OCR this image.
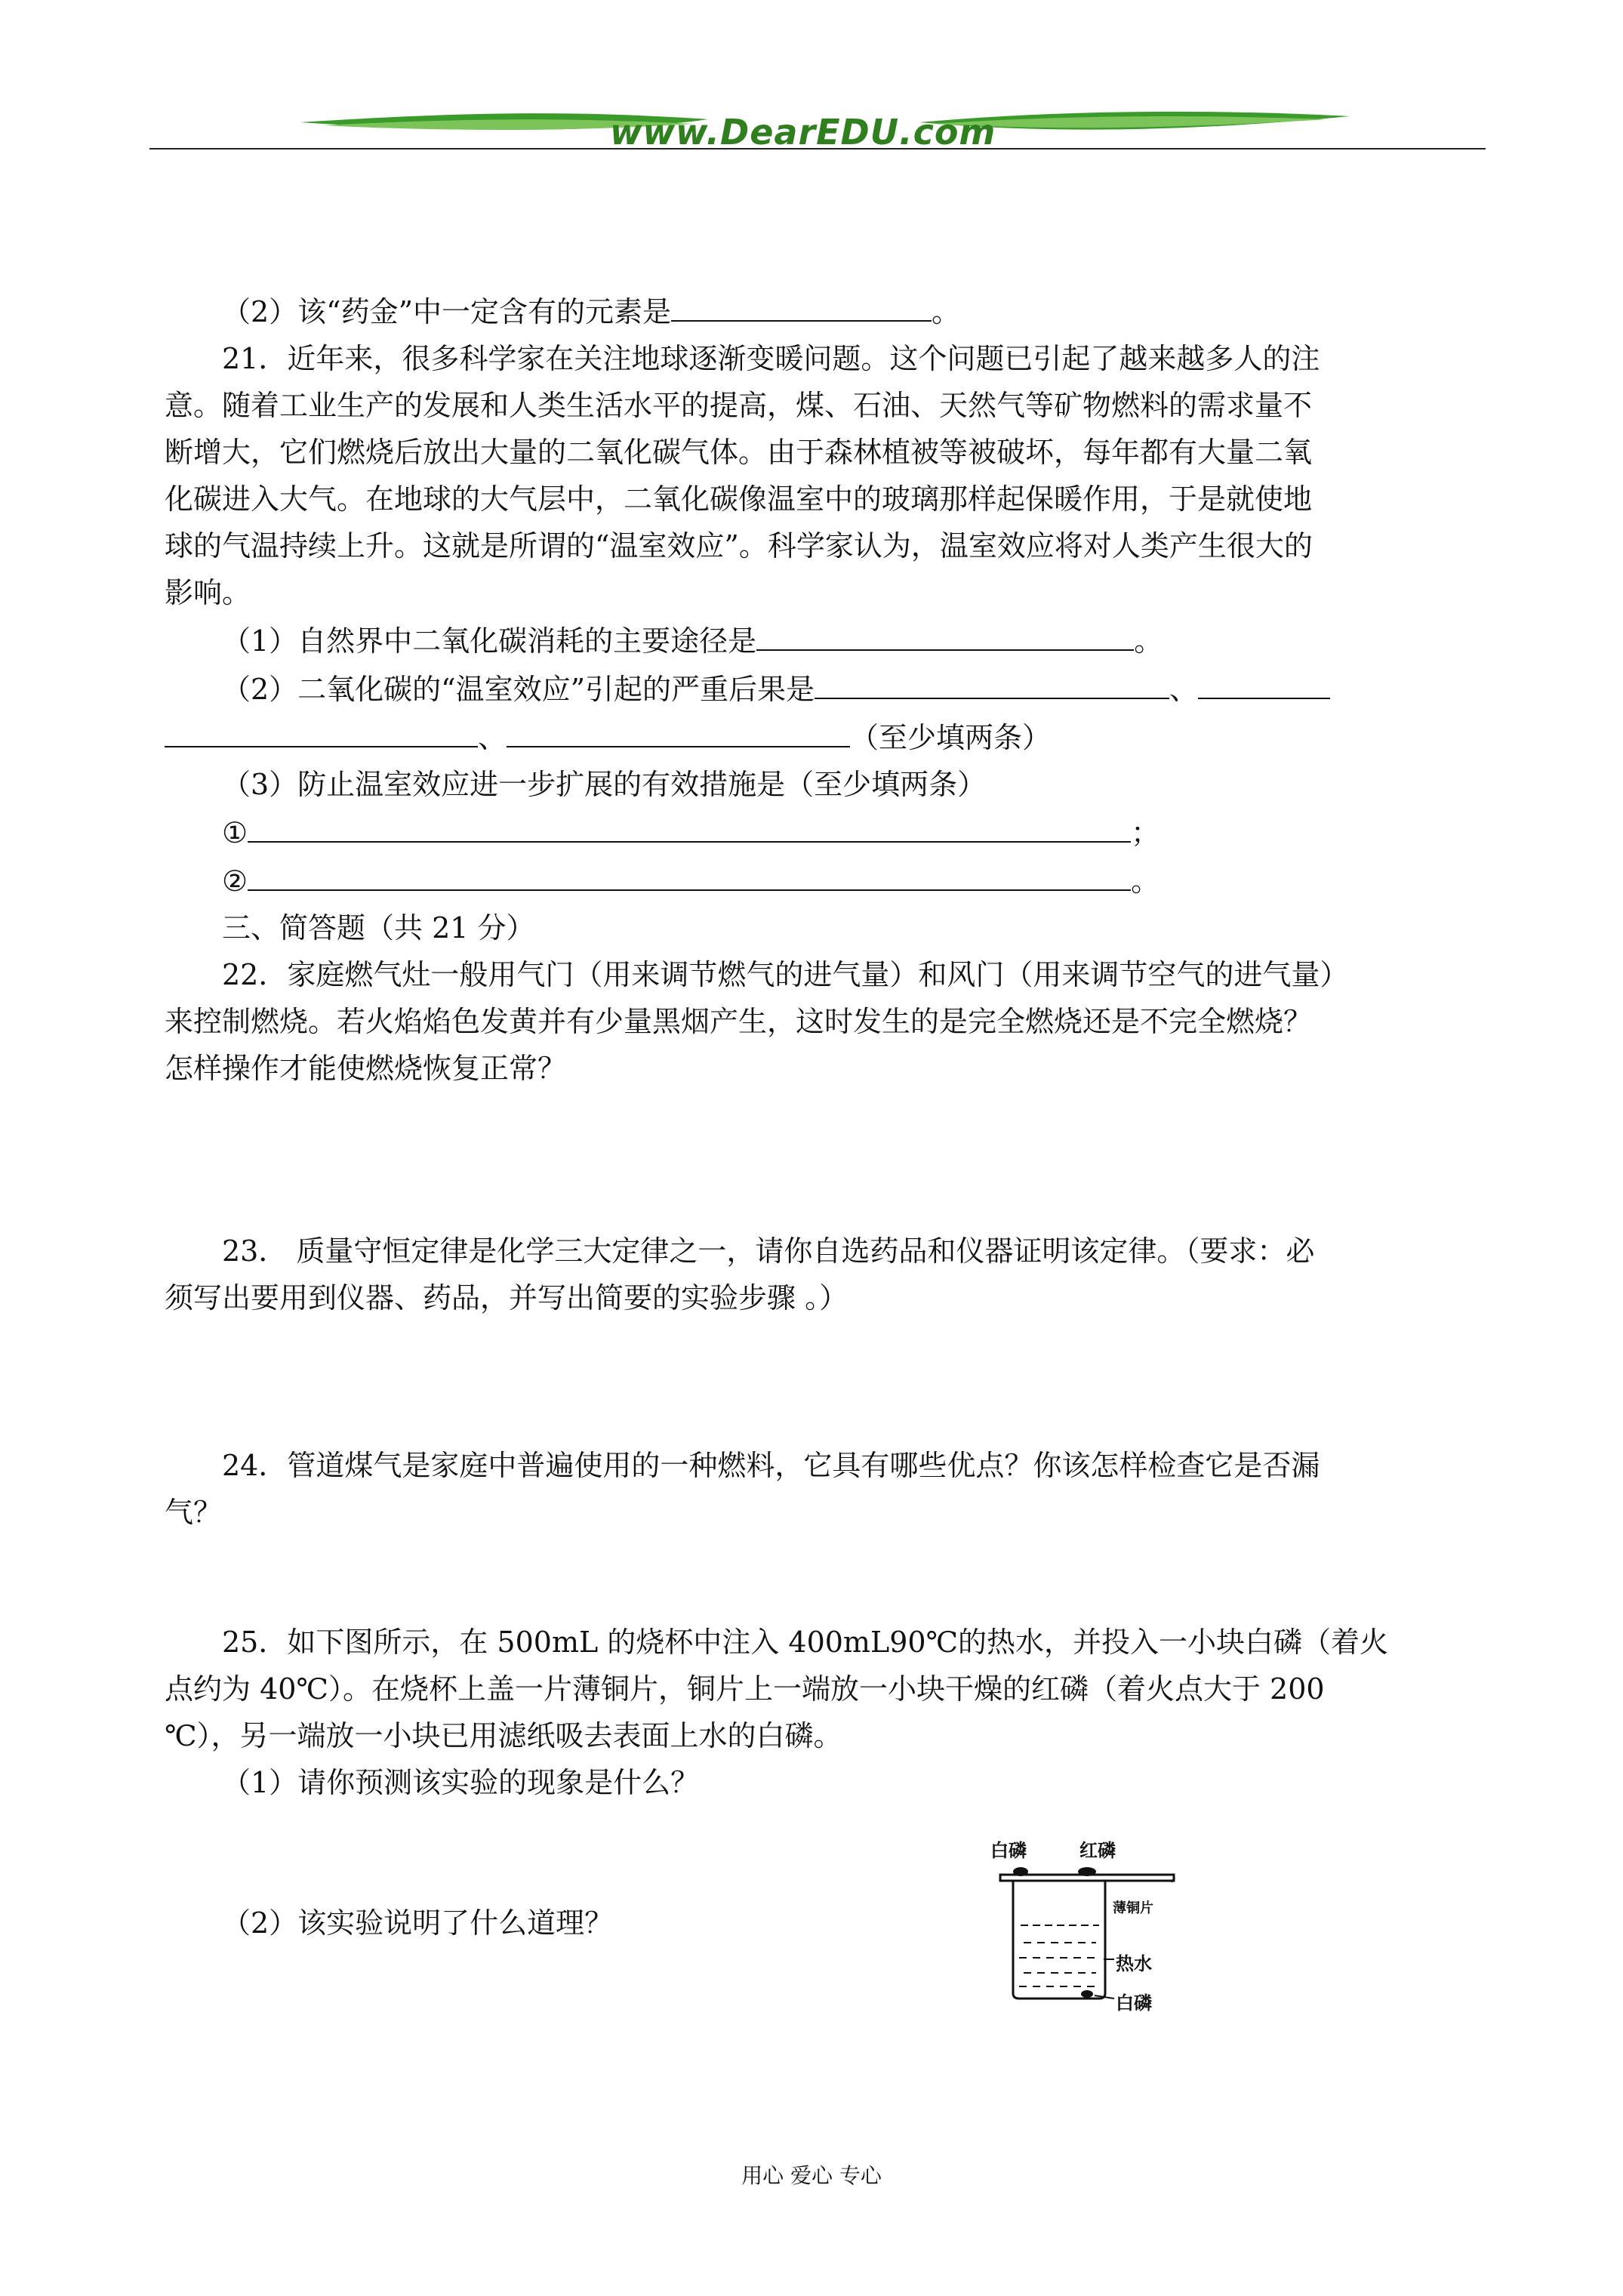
www.DearEDU.com

（2）该“药金”中一定含有的元素是	。

21．近年来，很多科学家在关注地球逐渐变暖问题。这个问题已引起了越来越多人的注

意。随着工业生产的发展和人类生活水平的提高，煤、石油、天然气等矿物燃料的需求量不

断增大，它们燃烧后放出大量的二氧化碳气体。由于森林植被等被破坏，每年都有大量二氧

化碳进入大气。在地球的大气层中，二氧化碳像温室中的玻璃那样起保暖作用，于是就使地

球的气温持续上升。这就是所谓的“温室效应”。科学家认为，温室效应将对人类产生很大的

影响。

（1）自然界中二氧化碳消耗的主要途径是	。

（2）二氧化碳的“温室效应”引起的严重后果是	、

、	（至少填两条）

（3）防止温室效应进一步扩展的有效措施是（至少填两条）

①	；

②	。

三、简答题（共 21 分）

22．家庭燃气灶一般用气门（用来调节燃气的进气量）和风门（用来调节空气的进气量）

来控制燃烧。若火焰焰色发黄并有少量黑烟产生，这时发生的是完全燃烧还是不完全燃烧？

怎样操作才能使燃烧恢复正常？

23． 质量守恒定律是化学三大定律之一，请你自选药品和仪器证明该定律。（要求：必

须写出要用到仪器、药品，并写出简要的实验步骤 。）

24．管道煤气是家庭中普遍使用的一种燃料，它具有哪些优点？你该怎样检查它是否漏

气？

25．如下图所示，在 500mL 的烧杯中注入 400mL90℃的热水，并投入一小块白磷（着火

点约为 40℃）。在烧杯上盖一片薄铜片，铜片上一端放一小块干燥的红磷（着火点大于 200

℃），另一端放一小块已用滤纸吸去表面上水的白磷。

（1）请你预测该实验的现象是什么？

（2）该实验说明了什么道理？

白磷	红磷
薄铜片
热水
白磷
用心 爱心 专心
